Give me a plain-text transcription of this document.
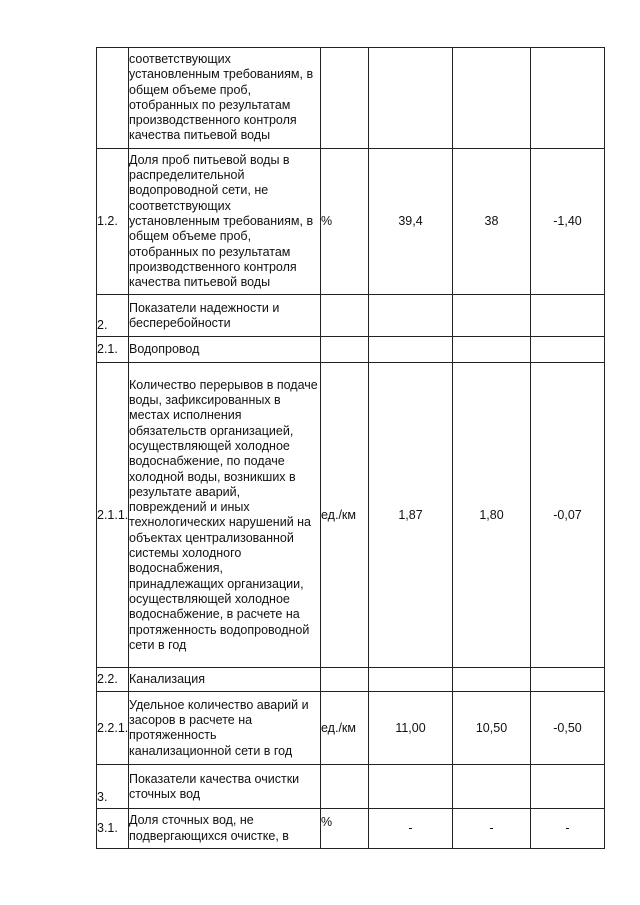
	соответствующих установленным требованиям, в общем объеме проб, отобранных по результатам производственного контроля качества питьевой воды				
1.2.	Доля проб питьевой воды в распределительной водопроводной сети, не соответствующих установленным требованиям, в общем объеме проб, отобранных по результатам производственного контроля качества питьевой воды	%	39,4	38	-1,40
2.	Показатели надежности и бесперебойности				
2.1.	Водопровод				
2.1.1.	Количество перерывов в подаче воды, зафиксированных в местах исполнения обязательств организацией, осуществляющей холодное водоснабжение, по подаче холодной воды, возникших в результате аварий, повреждений и иных технологических нарушений на объектах централизованной системы холодного водоснабжения, принадлежащих организации, осуществляющей холодное водоснабжение, в расчете на протяженность водопроводной сети в год	ед./км	1,87	1,80	-0,07
2.2.	Канализация				
2.2.1.	Удельное количество аварий и засоров в расчете на протяженность канализационной сети в год	ед./км	11,00	10,50	-0,50
3.	Показатели качества очистки сточных вод				
3.1.	Доля сточных вод, не подвергающихся очистке, в	%	-	-	-
